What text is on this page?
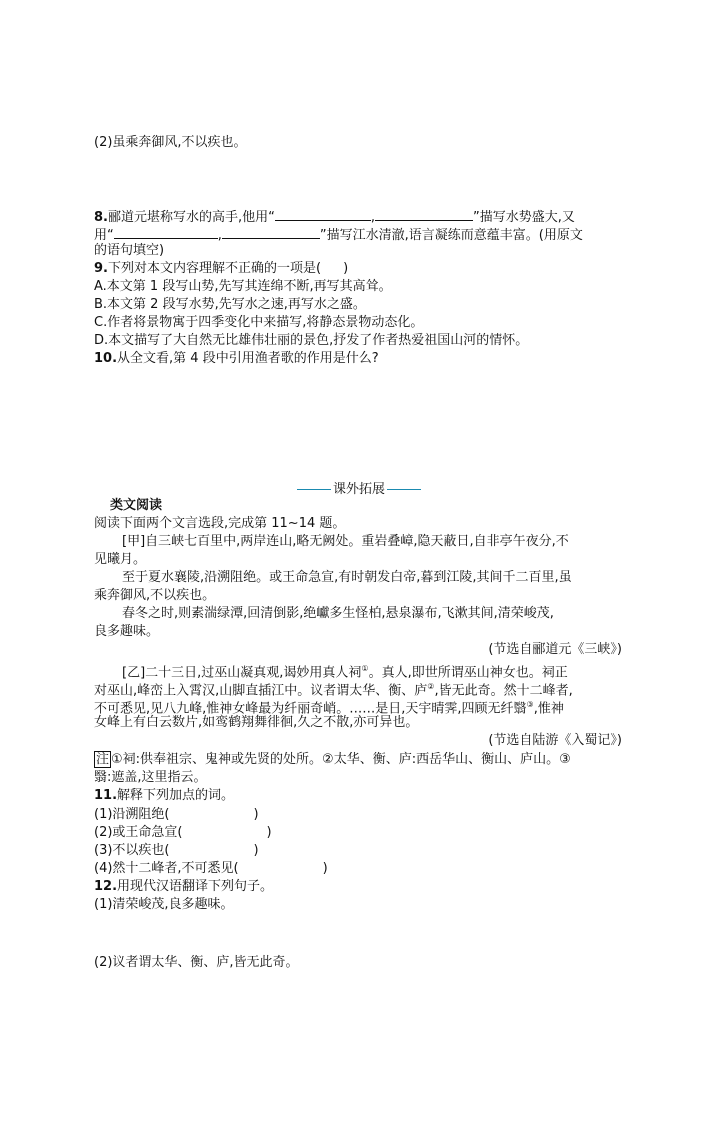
(2)虽乘奔御风,不以疾也。
8.郦道元堪称写水的高手,他用“	,	”描写水势盛大,又
用“	,	”描写江水清澈,语言凝练而意蕴丰富。(用原文
的语句填空)
9.下列对本文内容理解不正确的一项是( )
A.本文第 1 段写山势,先写其连绵不断,再写其高耸。
B.本文第 2 段写水势,先写水之速,再写水之盛。
C.作者将景物寓于四季变化中来描写,将静态景物动态化。
D.本文描写了大自然无比雄伟壮丽的景色,抒发了作者热爱祖国山河的情怀。
10.从全文看,第 4 段中引用渔者歌的作用是什么?
课外拓展
类文阅读
阅读下面两个文言选段,完成第 11~14 题。
[甲]自三峡七百里中,两岸连山,略无阙处。重岩叠嶂,隐天蔽日,自非亭午夜分,不
见曦月。
至于夏水襄陵,沿溯阻绝。或王命急宣,有时朝发白帝,暮到江陵,其间千二百里,虽
乘奔御风,不以疾也。
春冬之时,则素湍绿潭,回清倒影,绝巘多生怪柏,悬泉瀑布,飞漱其间,清荣峻茂,
良多趣味。
(节选自郦道元《三峡》)
[乙]二十三日,过巫山凝真观,谒妙用真人祠①。真人,即世所谓巫山神女也。祠正
对巫山,峰峦上入霄汉,山脚直插江中。议者谓太华、衡、庐②,皆无此奇。然十二峰者,
不可悉见,见八九峰,惟神女峰最为纤丽奇峭。……是日,天宇晴霁,四顾无纤翳③,惟神
女峰上有白云数片,如鸾鹤翔舞徘徊,久之不散,亦可异也。
(节选自陆游《入蜀记》)
注 ①祠:供奉祖宗、鬼神或先贤的处所。②太华、衡、庐:西岳华山、衡山、庐山。③
翳:遮盖,这里指云。
11.解释下列加点的词。
(1)沿溯阻绝(	)
(2)或王命急宣(	)
(3)不以疾也(	)
(4)然十二峰者,不可悉见(	)
12.用现代汉语翻译下列句子。
(1)清荣峻茂,良多趣味。
(2)议者谓太华、衡、庐,皆无此奇。
